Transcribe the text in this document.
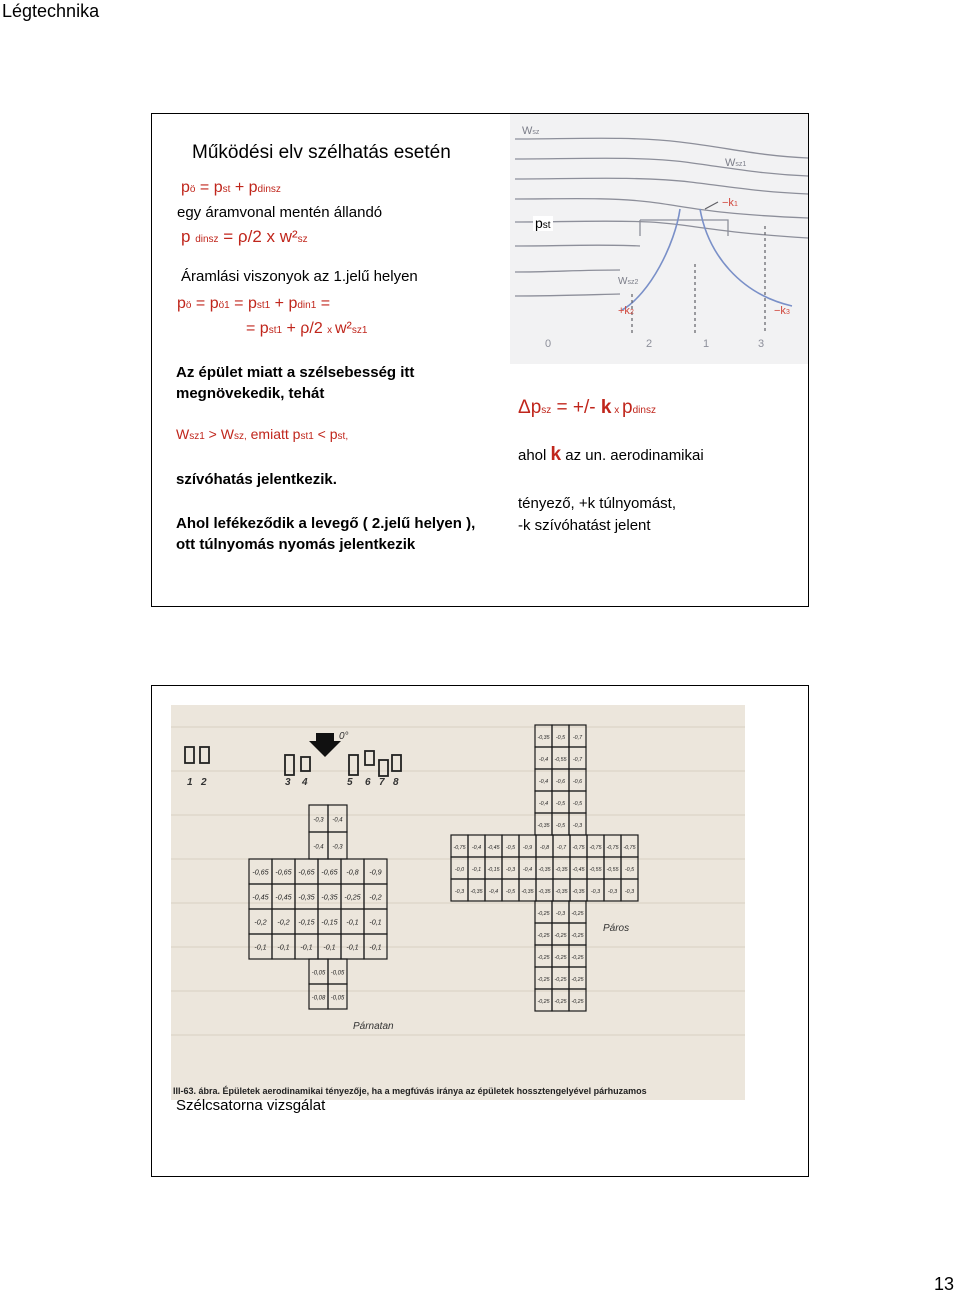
Légtechnika
13
Működési elv szélhatás esetén
pö = pst + pdinsz
egy áramvonal mentén állandó
p dinsz = ρ/2 x w²sz
Áramlási viszonyok az 1.jelű helyen
pö = pö1 = pst1 + pdin1 =
= pst1 + ρ/2 x w²sz1
Az épület miatt a szélsebesség itt
megnövekedik, tehát
Wsz1 ˃ Wsz, emiatt pst1 < pst,
szívóhatás jelentkezik.
Ahol lefékeződik a levegő ( 2.jelű helyen ),
ott túlnyomás nyomás jelentkezik
Wsz
Wsz1
Wsz2
−k1
+k2	−k3
0	2	1	3
pst
Δpsz = +/- k x pdinsz
ahol k az un. aerodinamikai
tényező, +k túlnyomást,
-k szívóhatást jelent
0°
1 2	3 4	5 6 7 8
-0,3 -0,4
-0,4 -0,3
-0,65 -0,65 -0,65 -0,65 -0,8 -0,9
-0,45 -0,45 -0,35 -0,35 -0,25 -0,2
-0,2 -0,2 -0,15 -0,15 -0,1 -0,1
-0,1 -0,1 -0,1 -0,1 -0,1 -0,1
-0,05 -0,05
-0,08 -0,05
-0,35 -0,5 -0,7
-0,4 -0,55 -0,7
-0,4 -0,6 -0,6
-0,4 -0,5 -0,5
-0,35 -0,5 -0,3
-0,75 -0,4 -0,45 -0,5 -0,9 -0,8 -0,7 -0,75 -0,75 -0,75 -0,75
-0,0 -0,1 -0,15 -0,3 -0,4 -0,35 -0,35 -0,45 -0,55 -0,55 -0,5
-0,3 -0,35 -0,4 -0,5 -0,35 -0,35 -0,35 -0,35 -0,3 -0,3 -0,3
-0,25 -0,3 -0,25
-0,25 -0,25 -0,25
-0,25 -0,25 -0,25
-0,25 -0,25 -0,25
-0,25 -0,25 -0,25
Párnatan
Páros
III-63. ábra. Épületek aerodinamikai tényezője, ha a megfúvás iránya az épületek hossztengelyével párhuzamos
Szélcsatorna vizsgálat
